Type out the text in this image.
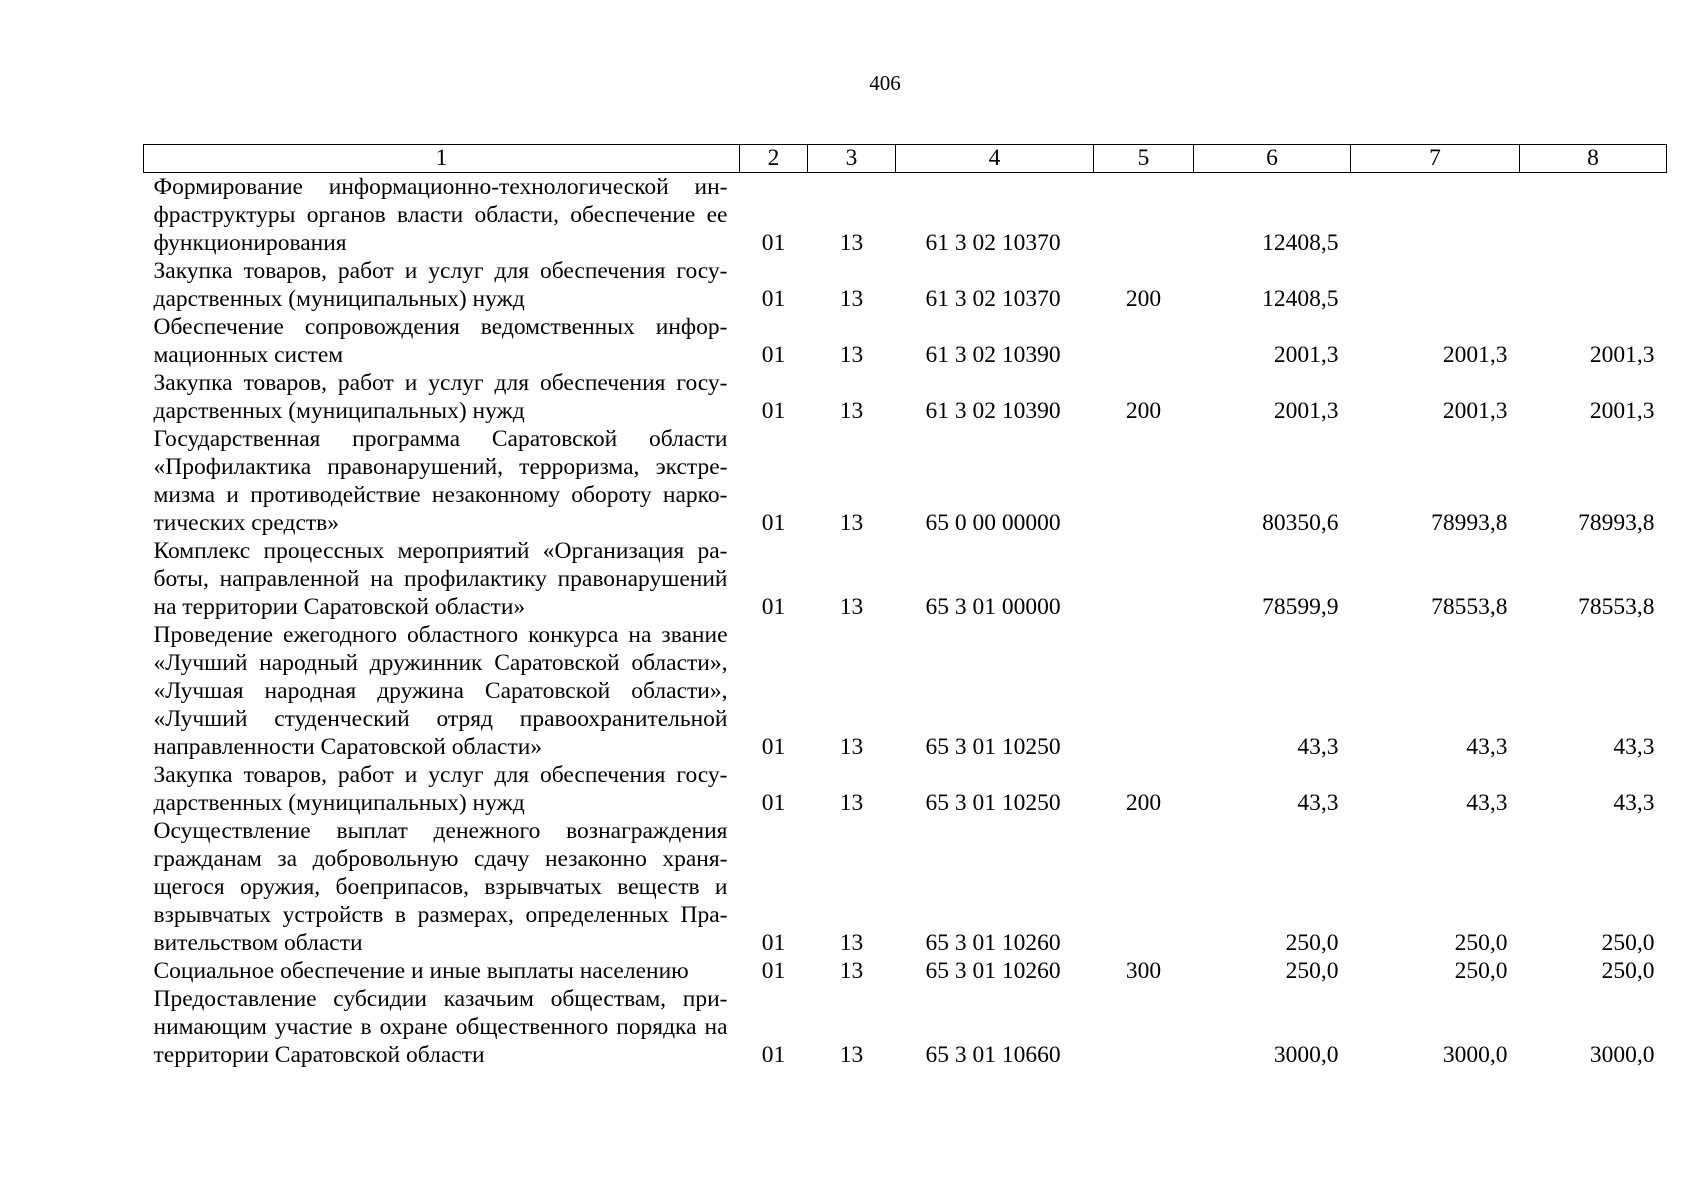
406
1	2	3	4	5	6	7	8
Формирование информационно-технологической инфраструктуры органов власти области, обеспечение ее функционирования	01	13	61 3 02 10370		12408,5		
Закупка товаров, работ и услуг для обеспечения государственных (муниципальных) нужд	01	13	61 3 02 10370	200	12408,5		
Обеспечение сопровождения ведомственных информационных систем	01	13	61 3 02 10390		2001,3	2001,3	2001,3
Закупка товаров, работ и услуг для обеспечения государственных (муниципальных) нужд	01	13	61 3 02 10390	200	2001,3	2001,3	2001,3
Государственная программа Саратовской области «Профилактика правонарушений, терроризма, экстремизма и противодействие незаконному обороту наркотических средств»	01	13	65 0 00 00000		80350,6	78993,8	78993,8
Комплекс процессных мероприятий «Организация работы, направленной на профилактику правонарушений на территории Саратовской области»	01	13	65 3 01 00000		78599,9	78553,8	78553,8
Проведение ежегодного областного конкурса на звание «Лучший народный дружинник Саратовской области», «Лучшая народная дружина Саратовской области», «Лучший студенческий отряд правоохранительной направленности Саратовской области»	01	13	65 3 01 10250		43,3	43,3	43,3
Закупка товаров, работ и услуг для обеспечения государственных (муниципальных) нужд	01	13	65 3 01 10250	200	43,3	43,3	43,3
Осуществление выплат денежного вознаграждения гражданам за добровольную сдачу незаконно хранящегося оружия, боеприпасов, взрывчатых веществ и взрывчатых устройств в размерах, определенных Правительством области	01	13	65 3 01 10260		250,0	250,0	250,0
Социальное обеспечение и иные выплаты населению	01	13	65 3 01 10260	300	250,0	250,0	250,0
Предоставление субсидии казачьим обществам, принимающим участие в охране общественного порядка на территории Саратовской области	01	13	65 3 01 10660		3000,0	3000,0	3000,0
